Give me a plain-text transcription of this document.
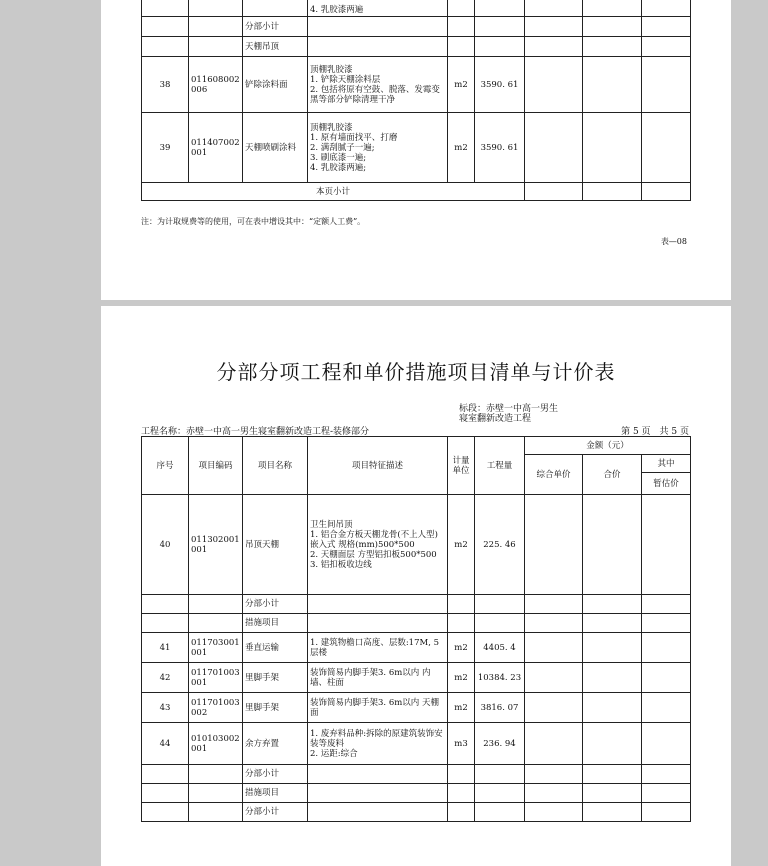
			4. 乳胶漆两遍					
		分部小计						
		天棚吊顶						
38	011608002006	铲除涂料面	顶棚乳胶漆
1. 铲除天棚涂料层
2. 包括将原有空鼓、脱落、发霉变黑等部分铲除清理干净	m2	3590. 61			
39	011407002001	天棚喷刷涂料	顶棚乳胶漆
1. 原有墙面找平、打磨
2. 满刮腻子一遍;
3. 刷底漆一遍;
4. 乳胶漆两遍;	m2	3590. 61			
本页小计								
注：为计取规费等的使用，可在表中增设其中：“定额人工费”。
表—08
分部分项工程和单价措施项目清单与计价表
标段：赤壁一中高一男生寝室翻新改造工程
工程名称：赤壁一中高一男生寝室翻新改造工程-装修部分	第 5 页　共 5 页
序号	项目编码	项目名称	项目特征描述	计量单位	工程量	金额（元）		
						综合单价	合价	其中
								暂估价
40	011302001001	吊顶天棚	卫生间吊顶
1. 铝合金方板天棚龙骨(不上人型) 嵌入式 规格(mm)500*500
2. 天棚面层 方型铝扣板500*500
3. 铝扣板收边线	m2	225. 46			
		分部小计						
		措施项目						
41	011703001001	垂直运输	1. 建筑物檐口高度、层数:17M, 5层楼	m2	4405. 4			
42	011701003001	里脚手架	装饰简易内脚手架3. 6m以内 内墙、柱面	m2	10384. 23			
43	011701003002	里脚手架	装饰简易内脚手架3. 6m以内 天棚面	m2	3816. 07			
44	010103002001	余方弃置	1. 废弃料品种:拆除的原建筑装饰安装等废料
2. 运距:综合	m3	236. 94			
		分部小计						
		措施项目						
		分部小计						
